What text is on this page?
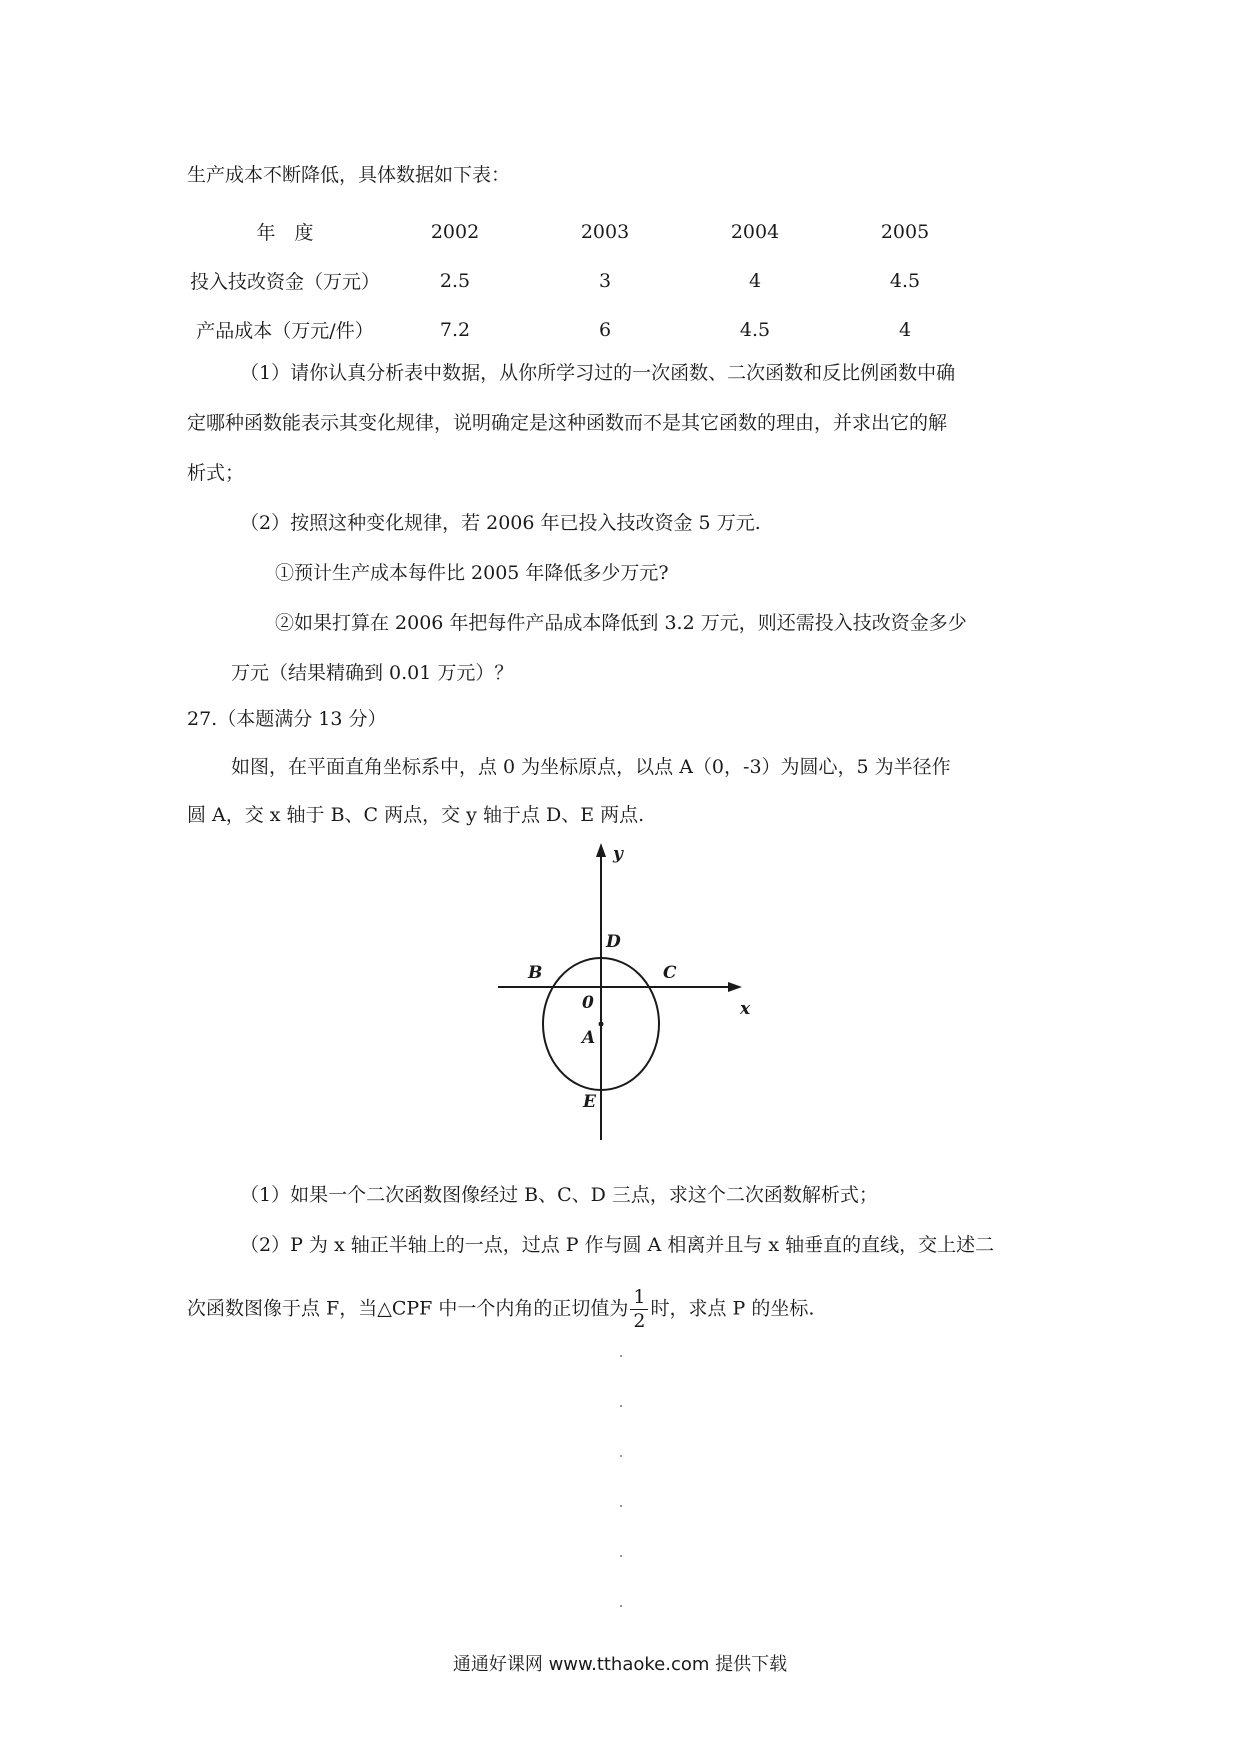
生产成本不断降低，具体数据如下表：
年　度	2002	2003	2004	2005
投入技改资金（万元）	2.5	3	4	4.5
产品成本（万元/件）	7.2	6	4.5	4
（1）请你认真分析表中数据，从你所学习过的一次函数、二次函数和反比例函数中确
定哪种函数能表示其变化规律，说明确定是这种函数而不是其它函数的理由，并求出它的解
析式；
（2）按照这种变化规律，若 2006 年已投入技改资金 5 万元.
①预计生产成本每件比 2005 年降低多少万元?
②如果打算在 2006 年把每件产品成本降低到 3.2 万元，则还需投入技改资金多少
万元（结果精确到 0.01 万元）？
27.（本题满分 13 分）
如图，在平面直角坐标系中，点 0 为坐标原点，以点 A（0，-3）为圆心，5 为半径作
圆 A，交 x 轴于 B、C 两点，交 y 轴于点 D、E 两点.
y
x
D
B	C
0
A
E
（1）如果一个二次函数图像经过 B、C、D 三点，求这个二次函数解析式；
（2）P 为 x 轴正半轴上的一点，过点 P 作与圆 A 相离并且与 x 轴垂直的直线，交上述二
次函数图像于点 F，当△CPF 中一个内角的正切值为 $\frac{1}{2}$ 时，求点 P 的坐标.
通通好课网 www.tthaoke.com 提供下载
